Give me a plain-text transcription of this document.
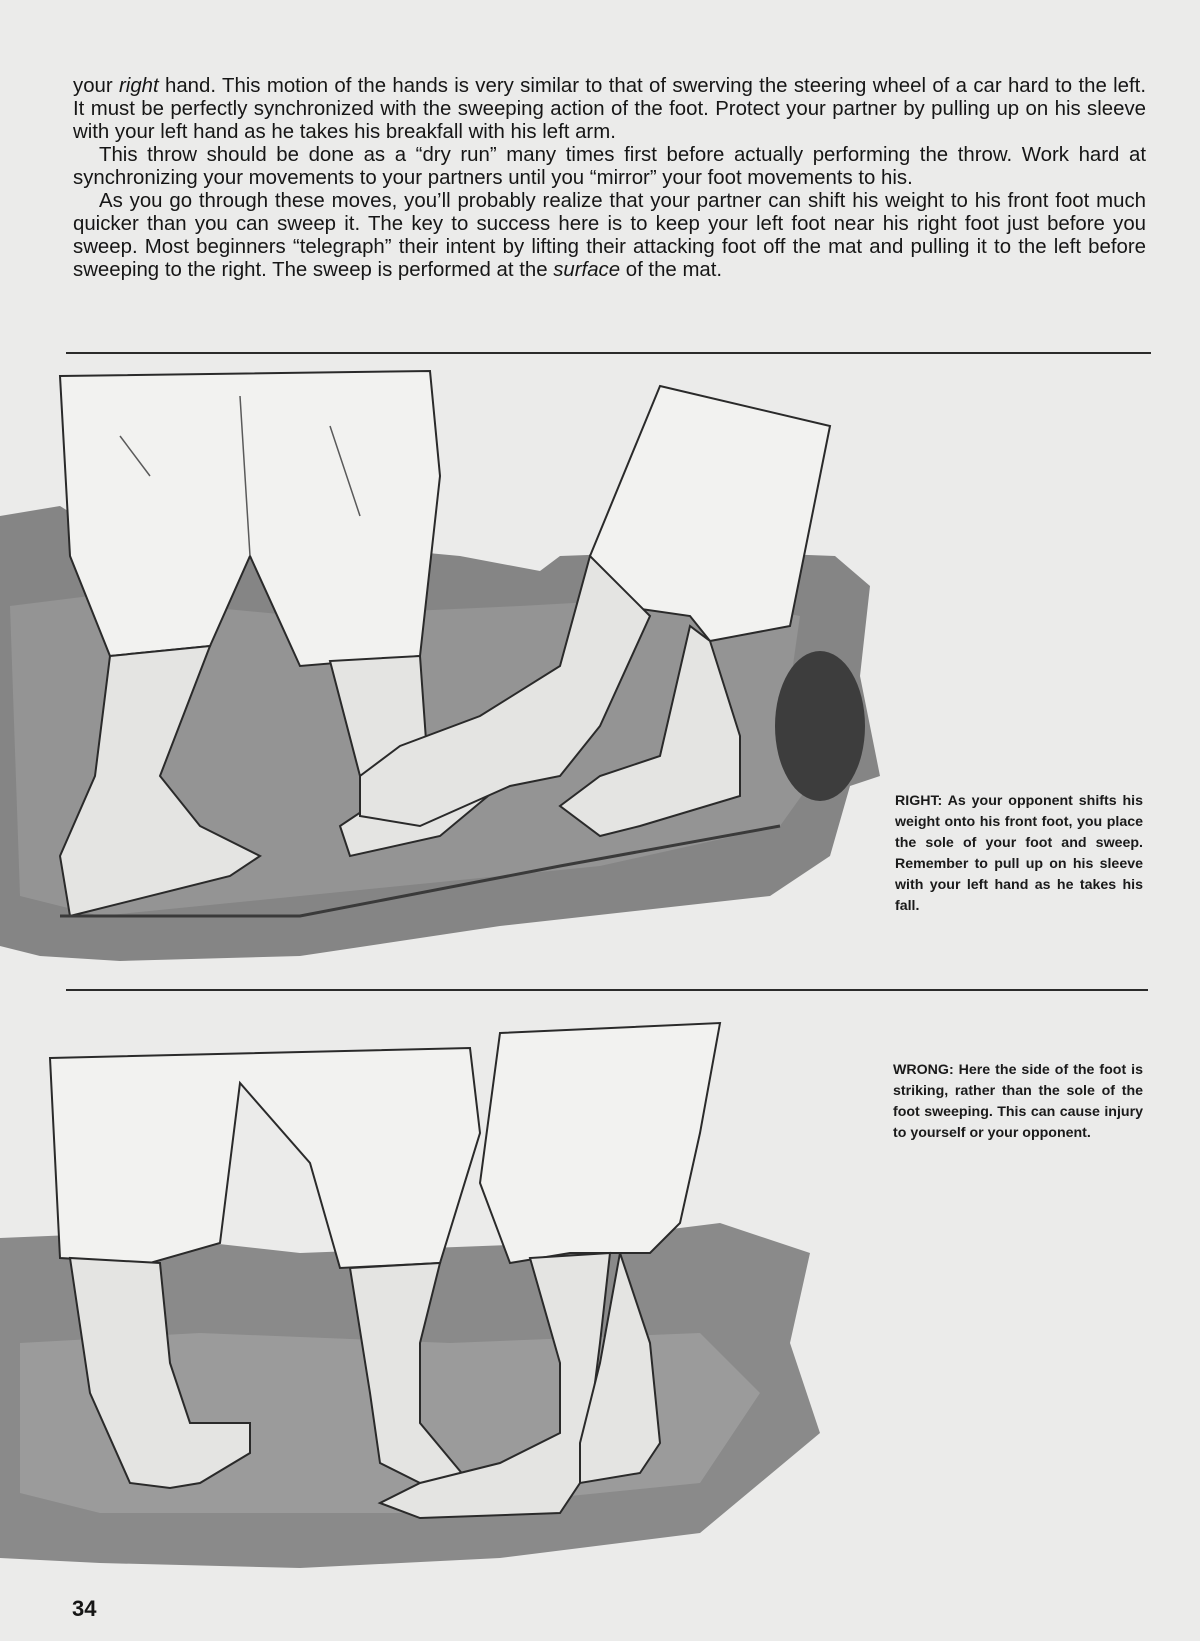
your right hand. This motion of the hands is very similar to that of swerving the steering wheel of a car hard to the left. It must be perfectly synchronized with the sweeping action of the foot. Protect your partner by pulling up on his sleeve with your left hand as he takes his breakfall with his left arm.

This throw should be done as a “dry run” many times first before actually performing the throw. Work hard at synchronizing your movements to your partners until you “mirror” your foot movements to his.

As you go through these moves, you’ll probably realize that your partner can shift his weight to his front foot much quicker than you can sweep it. The key to success here is to keep your left foot near his right foot just before you sweep. Most beginners “telegraph” their intent by lifting their attacking foot off the mat and pulling it to the left before sweeping to the right. The sweep is performed at the surface of the mat.

RIGHT: As your opponent shifts his weight onto his front foot, you place the sole of your foot and sweep. Remember to pull up on his sleeve with your left hand as he takes his fall.
WRONG: Here the side of the foot is striking, rather than the sole of the foot sweeping. This can cause injury to yourself or your opponent.
34
